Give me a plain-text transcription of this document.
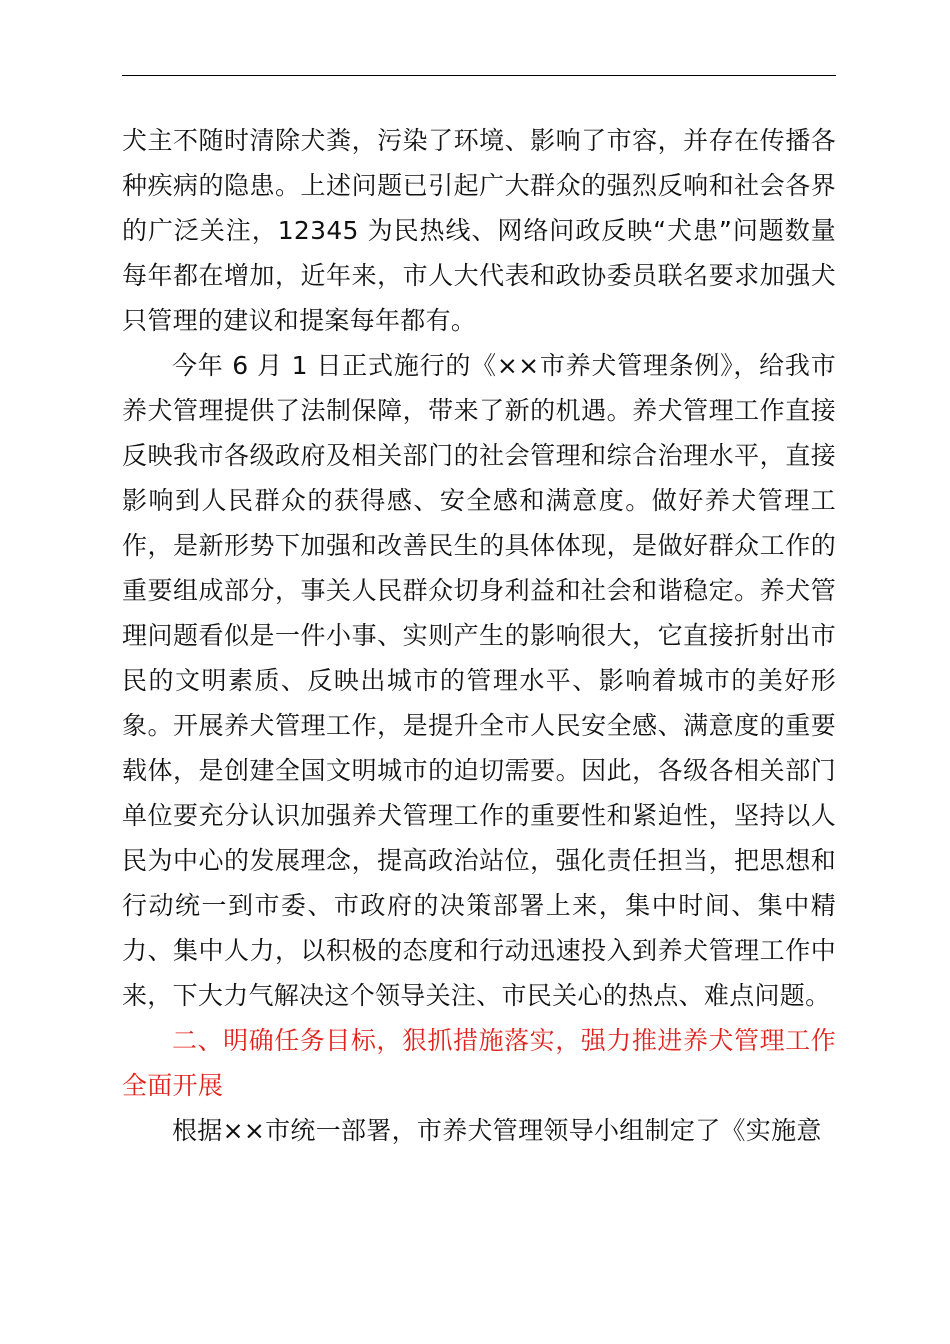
犬主不随时清除犬粪，污染了环境、影响了市容，并存在传播各种疾病的隐患。上述问题已引起广大群众的强烈反响和社会各界的广泛关注，12345 为民热线、网络问政反映“犬患”问题数量每年都在增加，近年来，市人大代表和政协委员联名要求加强犬只管理的建议和提案每年都有。

今年 6 月 1 日正式施行的《××市养犬管理条例》，给我市养犬管理提供了法制保障，带来了新的机遇。养犬管理工作直接反映我市各级政府及相关部门的社会管理和综合治理水平，直接影响到人民群众的获得感、安全感和满意度。做好养犬管理工作，是新形势下加强和改善民生的具体体现，是做好群众工作的重要组成部分，事关人民群众切身利益和社会和谐稳定。养犬管理问题看似是一件小事、实则产生的影响很大，它直接折射出市民的文明素质、反映出城市的管理水平、影响着城市的美好形象。开展养犬管理工作，是提升全市人民安全感、满意度的重要载体，是创建全国文明城市的迫切需要。因此，各级各相关部门单位要充分认识加强养犬管理工作的重要性和紧迫性，坚持以人民为中心的发展理念，提高政治站位，强化责任担当，把思想和行动统一到市委、市政府的决策部署上来，集中时间、集中精力、集中人力，以积极的态度和行动迅速投入到养犬管理工作中来，下大力气解决这个领导关注、市民关心的热点、难点问题。

二、明确任务目标，狠抓措施落实，强力推进养犬管理工作全面开展

根据××市统一部署，市养犬管理领导小组制定了《实施意
